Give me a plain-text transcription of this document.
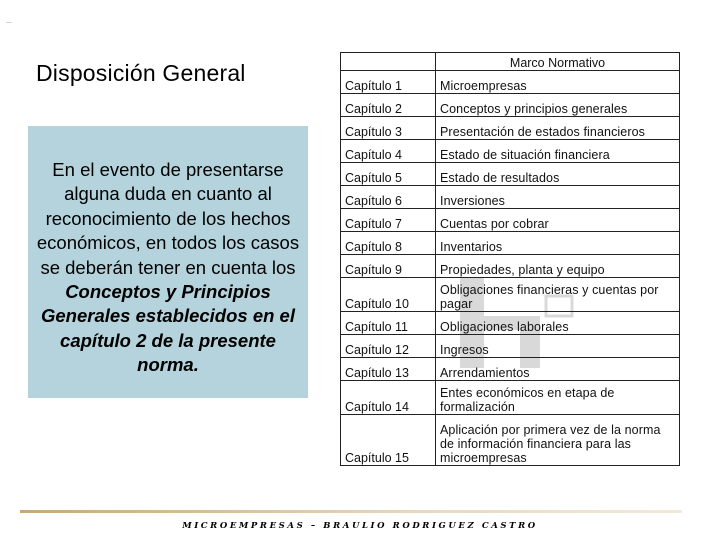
...
Disposición General
En el evento de presentarse alguna duda en cuanto al reconocimiento de los hechos económicos, en todos los casos se deberán tener en cuenta los Conceptos y Principios Generales establecidos en el capítulo 2 de la presente norma.
	Marco Normativo
Capítulo 1	Microempresas
Capítulo 2	Conceptos y principios generales
Capítulo 3	Presentación de estados financieros
Capítulo 4	Estado de situación financiera
Capítulo 5	Estado de resultados
Capítulo 6	Inversiones
Capítulo 7	Cuentas por cobrar
Capítulo 8	Inventarios
Capítulo 9	Propiedades, planta y equipo
Capítulo 10	Obligaciones financieras y cuentas por pagar
Capítulo 11	Obligaciones laborales
Capítulo 12	Ingresos
Capítulo 13	Arrendamientos
Capítulo 14	Entes económicos en etapa de formalización
Capítulo 15	Aplicación por primera vez de la norma de información financiera para las microempresas
MICROEMPRESAS – BRAULIO RODRIGUEZ CASTRO
